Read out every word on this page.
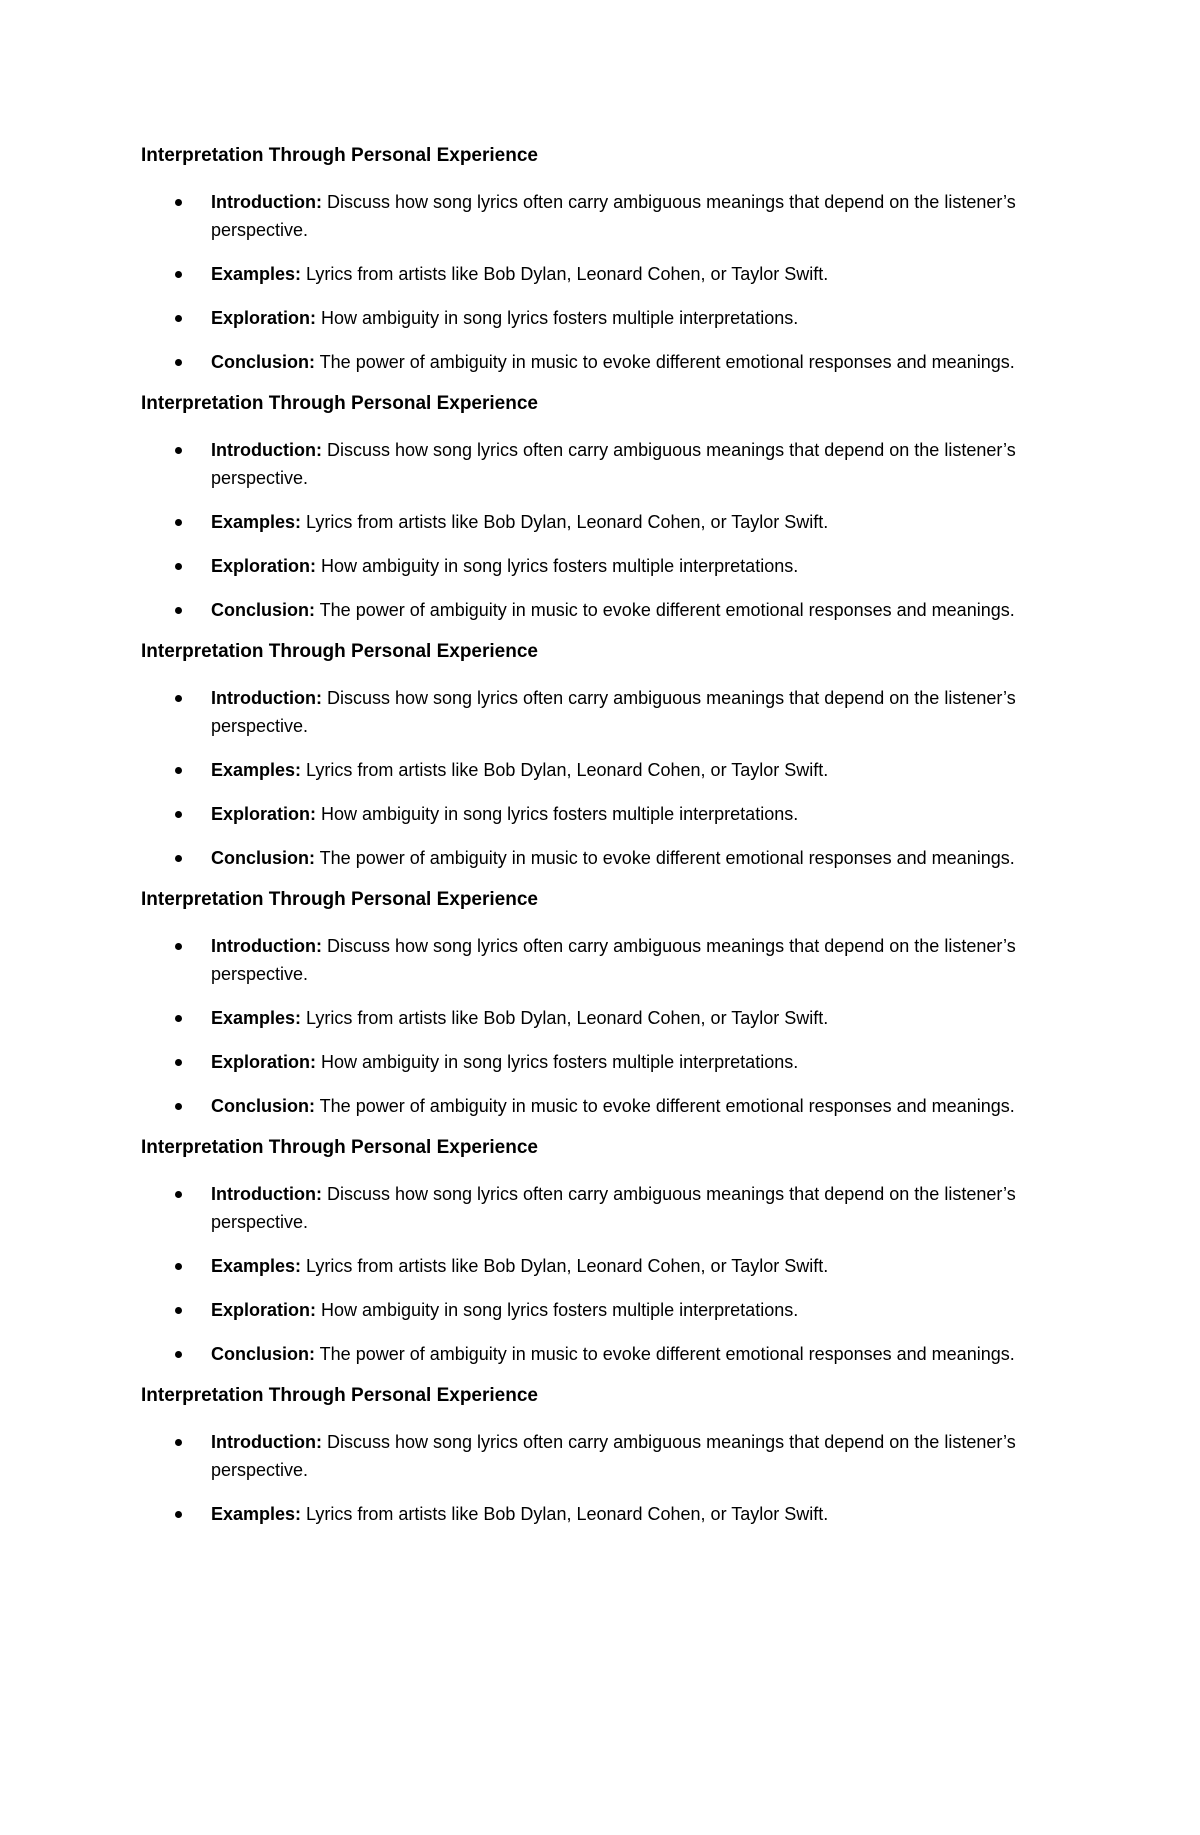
Interpretation Through Personal Experience
Introduction: Discuss how song lyrics often carry ambiguous meanings that depend on the listener’s perspective.
Examples: Lyrics from artists like Bob Dylan, Leonard Cohen, or Taylor Swift.
Exploration: How ambiguity in song lyrics fosters multiple interpretations.
Conclusion: The power of ambiguity in music to evoke different emotional responses and meanings.
Interpretation Through Personal Experience
Introduction: Discuss how song lyrics often carry ambiguous meanings that depend on the listener’s perspective.
Examples: Lyrics from artists like Bob Dylan, Leonard Cohen, or Taylor Swift.
Exploration: How ambiguity in song lyrics fosters multiple interpretations.
Conclusion: The power of ambiguity in music to evoke different emotional responses and meanings.
Interpretation Through Personal Experience
Introduction: Discuss how song lyrics often carry ambiguous meanings that depend on the listener’s perspective.
Examples: Lyrics from artists like Bob Dylan, Leonard Cohen, or Taylor Swift.
Exploration: How ambiguity in song lyrics fosters multiple interpretations.
Conclusion: The power of ambiguity in music to evoke different emotional responses and meanings.
Interpretation Through Personal Experience
Introduction: Discuss how song lyrics often carry ambiguous meanings that depend on the listener’s perspective.
Examples: Lyrics from artists like Bob Dylan, Leonard Cohen, or Taylor Swift.
Exploration: How ambiguity in song lyrics fosters multiple interpretations.
Conclusion: The power of ambiguity in music to evoke different emotional responses and meanings.
Interpretation Through Personal Experience
Introduction: Discuss how song lyrics often carry ambiguous meanings that depend on the listener’s perspective.
Examples: Lyrics from artists like Bob Dylan, Leonard Cohen, or Taylor Swift.
Exploration: How ambiguity in song lyrics fosters multiple interpretations.
Conclusion: The power of ambiguity in music to evoke different emotional responses and meanings.
Interpretation Through Personal Experience
Introduction: Discuss how song lyrics often carry ambiguous meanings that depend on the listener’s perspective.
Examples: Lyrics from artists like Bob Dylan, Leonard Cohen, or Taylor Swift.
